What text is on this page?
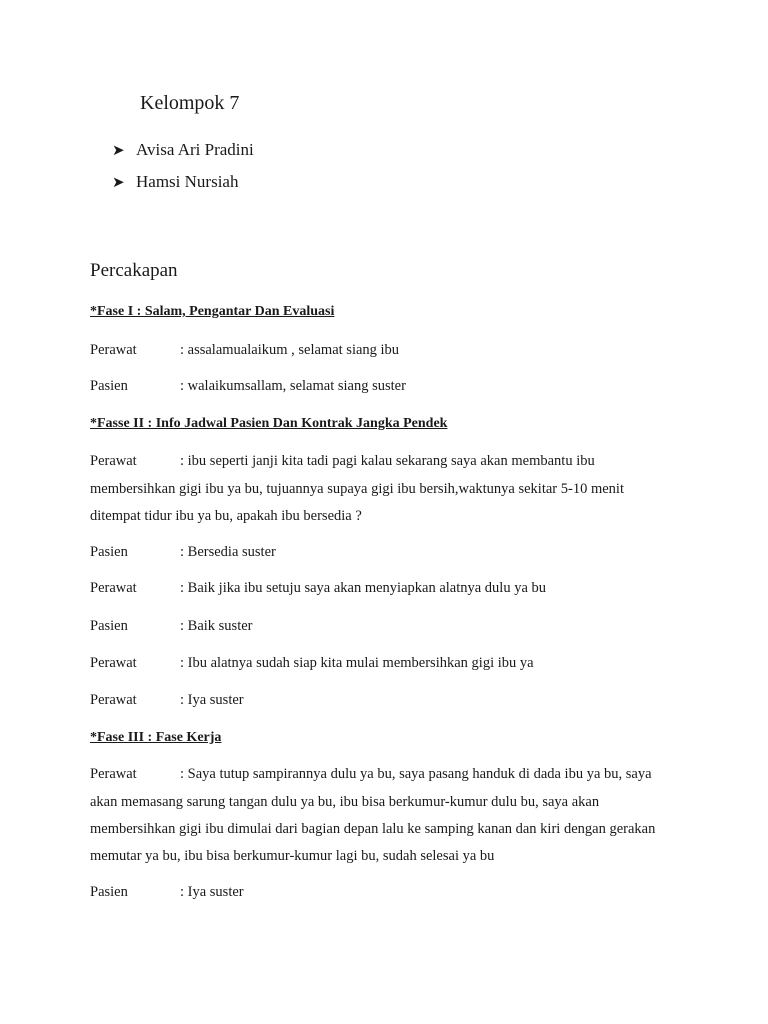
Kelompok 7
➤ Avisa Ari Pradini
➤ Hamsi Nursiah
Percakapan
*Fase I : Salam, Pengantar Dan Evaluasi
Perawat	: assalamualaikum , selamat siang ibu
Pasien	: walaikumsallam, selamat siang suster
*Fasse II : Info Jadwal Pasien Dan Kontrak Jangka Pendek
Perawat	: ibu seperti janji kita tadi pagi kalau sekarang saya akan membantu ibu
membersihkan gigi ibu ya bu, tujuannya supaya gigi ibu bersih,waktunya sekitar 5-10 menit
ditempat tidur ibu ya bu, apakah ibu bersedia ?
Pasien	: Bersedia suster
Perawat	: Baik jika ibu setuju saya akan menyiapkan alatnya dulu ya bu
Pasien	: Baik suster
Perawat	: Ibu alatnya sudah siap kita mulai membersihkan gigi ibu ya
Perawat	: Iya suster
*Fase III : Fase Kerja
Perawat	: Saya tutup sampirannya dulu ya bu, saya pasang handuk di dada ibu ya bu, saya
akan memasang sarung tangan dulu ya bu, ibu bisa berkumur-kumur dulu bu, saya akan
membersihkan gigi ibu dimulai dari bagian depan lalu ke samping kanan dan kiri dengan gerakan
memutar ya bu, ibu bisa berkumur-kumur lagi bu, sudah selesai ya bu
Pasien	: Iya suster
